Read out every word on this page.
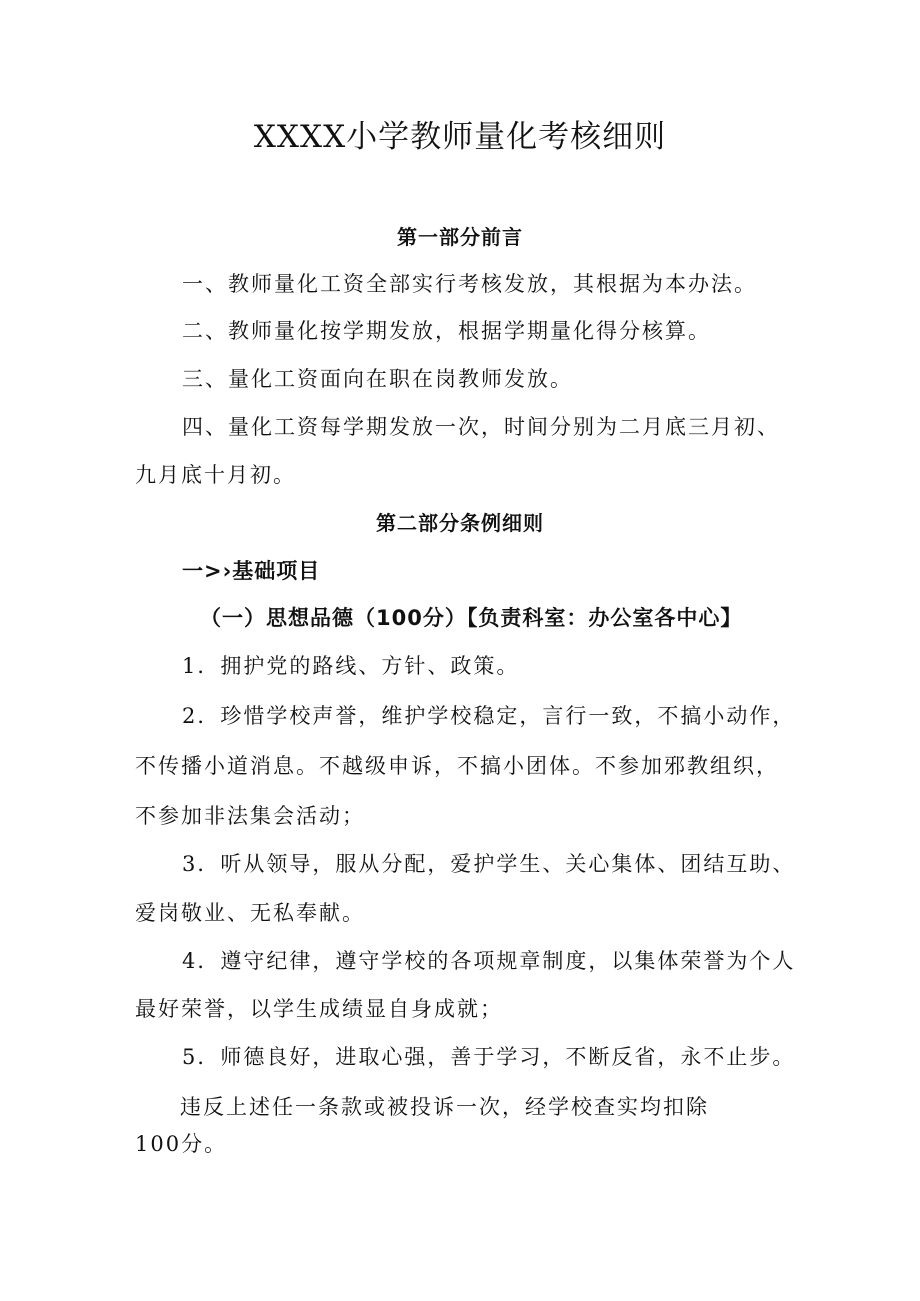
XXXX小学教师量化考核细则

第一部分前言

一、教师量化工资全部实行考核发放，其根据为本办法。

二、教师量化按学期发放，根据学期量化得分核算。

三、量化工资面向在职在岗教师发放。

四、量化工资每学期发放一次，时间分别为二月底三月初、

九月底十月初。

第二部分条例细则

一>›基础项目

（一）思想品德（100分）【负责科室：办公室各中心】

1．拥护党的路线、方针、政策。

2．珍惜学校声誉，维护学校稳定，言行一致，不搞小动作，

不传播小道消息。不越级申诉，不搞小团体。不参加邪教组织，

不参加非法集会活动；

3．听从领导，服从分配，爱护学生、关心集体、团结互助、

爱岗敬业、无私奉献。

4．遵守纪律，遵守学校的各项规章制度，以集体荣誉为个人

最好荣誉，以学生成绩显自身成就；

5．师德良好，进取心强，善于学习，不断反省，永不止步。

违反上述任一条款或被投诉一次，经学校查实均扣除

100分。
